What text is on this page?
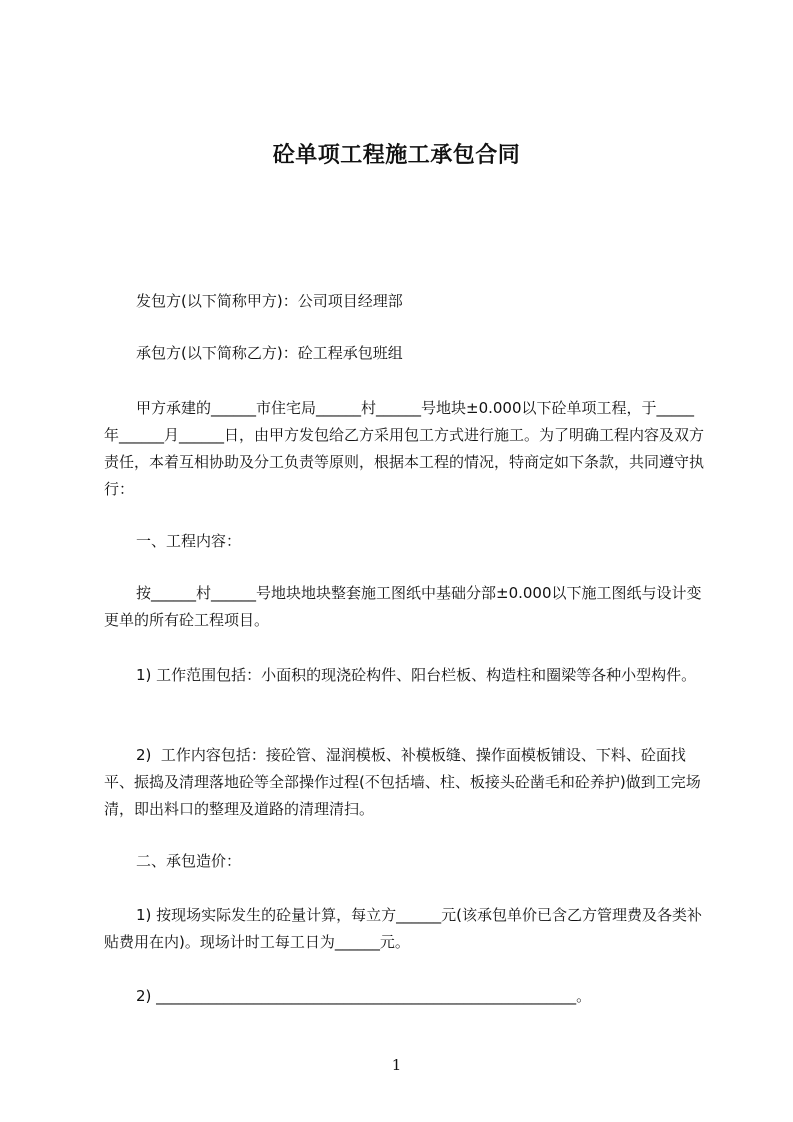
砼单项工程施工承包合同

发包方(以下简称甲方)：公司项目经理部

承包方(以下简称乙方)：砼工程承包班组

甲方承建的______市住宅局______村______号地块±0.000以下砼单项工程，于_____年______月______日，由甲方发包给乙方采用包工方式进行施工。为了明确工程内容及双方责任，本着互相协助及分工负责等原则，根据本工程的情况，特商定如下条款，共同遵守执行：

一、工程内容：

按______村______号地块地块整套施工图纸中基础分部±0.000以下施工图纸与设计变更单的所有砼工程项目。

1) 工作范围包括：小面积的现浇砼构件、阳台栏板、构造柱和圈梁等各种小型构件。

2)  工作内容包括：接砼管、湿润模板、补模板缝、操作面模板铺设、下料、砼面找平、振捣及清理落地砼等全部操作过程(不包括墙、柱、板接头砼凿毛和砼养护)做到工完场清，即出料口的整理及道路的清理清扫。

二、承包造价：

1) 按现场实际发生的砼量计算，每立方______元(该承包单价已含乙方管理费及各类补贴费用在内)。现场计时工每工日为______元。

2) ________________________________________________________。

1
